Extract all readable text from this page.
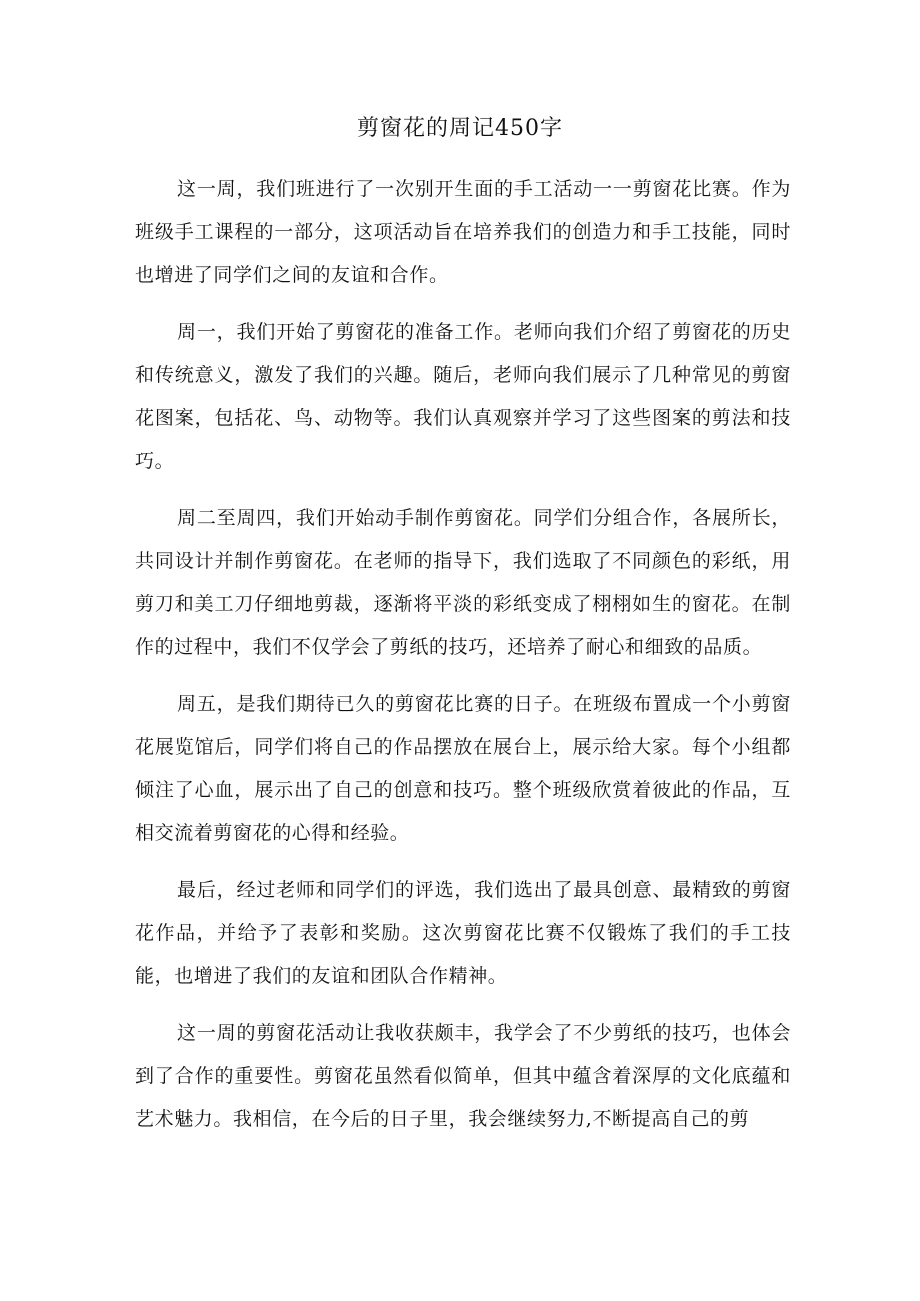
剪窗花的周记450字

这一周，我们班进行了一次别开生面的手工活动一一剪窗花比赛。作为班级手工课程的一部分，这项活动旨在培养我们的创造力和手工技能，同时也增进了同学们之间的友谊和合作。

周一，我们开始了剪窗花的准备工作。老师向我们介绍了剪窗花的历史和传统意义，激发了我们的兴趣。随后，老师向我们展示了几种常见的剪窗花图案，包括花、鸟、动物等。我们认真观察并学习了这些图案的剪法和技巧。

周二至周四，我们开始动手制作剪窗花。同学们分组合作，各展所长，共同设计并制作剪窗花。在老师的指导下，我们选取了不同颜色的彩纸，用剪刀和美工刀仔细地剪裁，逐渐将平淡的彩纸变成了栩栩如生的窗花。在制作的过程中，我们不仅学会了剪纸的技巧，还培养了耐心和细致的品质。

周五，是我们期待已久的剪窗花比赛的日子。在班级布置成一个小剪窗花展览馆后，同学们将自己的作品摆放在展台上，展示给大家。每个小组都倾注了心血，展示出了自己的创意和技巧。整个班级欣赏着彼此的作品，互相交流着剪窗花的心得和经验。

最后，经过老师和同学们的评选，我们选出了最具创意、最精致的剪窗花作品，并给予了表彰和奖励。这次剪窗花比赛不仅锻炼了我们的手工技能，也增进了我们的友谊和团队合作精神。

这一周的剪窗花活动让我收获颇丰，我学会了不少剪纸的技巧，也体会到了合作的重要性。剪窗花虽然看似简单，但其中蕴含着深厚的文化底蕴和艺术魅力。我相信，在今后的日子里，我会继续努力,不断提高自己的剪
